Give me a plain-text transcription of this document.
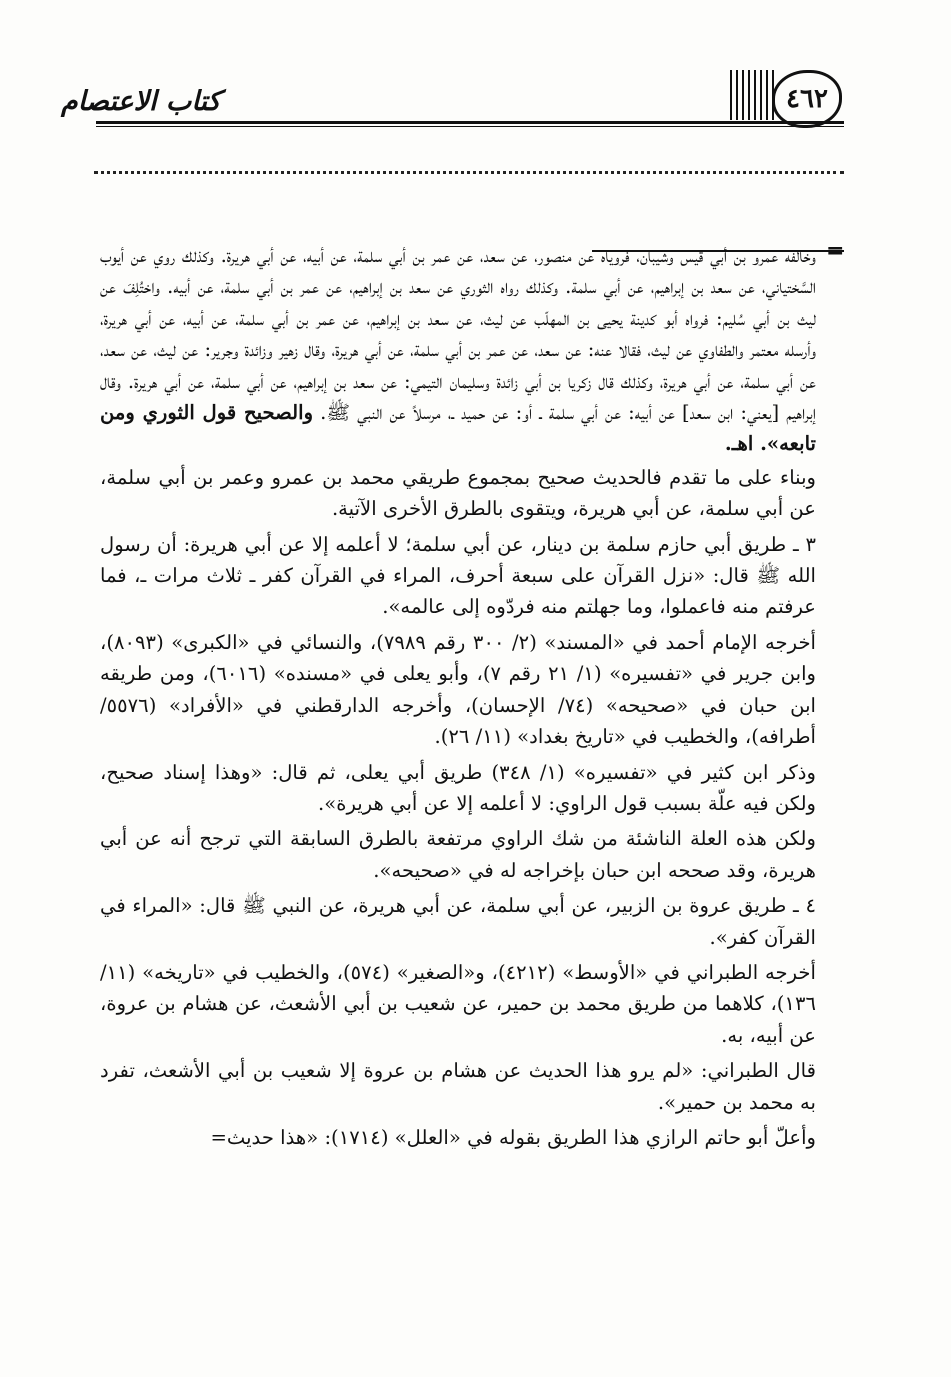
كتاب الاعتصام	٤٦٢
=

وخالفه عمرو بن أبي قيس وشيبان، فروياه عن منصور، عن سعد، عن عمر بن أبي سلمة، عن أبيه، عن أبي هريرة. وكذلك روي عن أيوب السَّختياني، عن سعد بن إبراهيم، عن أبي سلمة. وكذلك رواه الثوري عن سعد بن إبراهيم، عن عمر بن أبي سلمة، عن أبيه. واختُلِفَ عن ليث بن أبي سُليم: فرواه أبو كدينة يحيى بن المهلّب عن ليث، عن سعد بن إبراهيم، عن عمر بن أبي سلمة، عن أبيه، عن أبي هريرة، وأرسله معتمر والطفاوي عن ليث، فقالا عنه: عن سعد، عن عمر بن أبي سلمة، عن أبي هريرة، وقال زهير وزائدة وجرير: عن ليث، عن سعد، عن أبي سلمة، عن أبي هريرة، وكذلك قال زكريا بن أبي زائدة وسليمان التيمي: عن سعد بن إبراهيم، عن أبي سلمة، عن أبي هريرة. وقال إبراهيم [يعني: ابن سعد] عن أبيه: عن أبي سلمة ـ أو: عن حميد ـ، مرسلاً عن النبي ﷺ. والصحيح قول الثوري ومن تابعه». اهـ.

وبناء على ما تقدم فالحديث صحيح بمجموع طريقي محمد بن عمرو وعمر بن أبي سلمة، عن أبي سلمة، عن أبي هريرة، ويتقوى بالطرق الأخرى الآتية.

٣ ـ طريق أبي حازم سلمة بن دينار، عن أبي سلمة؛ لا أعلمه إلا عن أبي هريرة: أن رسول الله ﷺ قال: «نزل القرآن على سبعة أحرف، المراء في القرآن كفر ـ ثلاث مرات ـ، فما عرفتم منه فاعملوا، وما جهلتم منه فردّوه إلى عالمه».

أخرجه الإمام أحمد في «المسند» (٢/ ٣٠٠ رقم ٧٩٨٩)، والنسائي في «الكبرى» (٨٠٩٣)، وابن جرير في «تفسيره» (١/ ٢١ رقم ٧)، وأبو يعلى في «مسنده» (٦٠١٦)، ومن طريقه ابن حبان في «صحيحه» (٧٤/ الإحسان)، وأخرجه الدارقطني في «الأفراد» (٥٥٧٦/ أطرافه)، والخطيب في «تاريخ بغداد» (١١/ ٢٦).

وذكر ابن كثير في «تفسيره» (١/ ٣٤٨) طريق أبي يعلى، ثم قال: «وهذا إسناد صحيح، ولكن فيه علّة بسبب قول الراوي: لا أعلمه إلا عن أبي هريرة».

ولكن هذه العلة الناشئة من شك الراوي مرتفعة بالطرق السابقة التي ترجح أنه عن أبي هريرة، وقد صححه ابن حبان بإخراجه له في «صحيحه».

٤ ـ طريق عروة بن الزبير، عن أبي سلمة، عن أبي هريرة، عن النبي ﷺ قال: «المراء في القرآن كفر».

أخرجه الطبراني في «الأوسط» (٤٢١٢)، و«الصغير» (٥٧٤)، والخطيب في «تاريخه» (١١/ ١٣٦)، كلاهما من طريق محمد بن حمير، عن شعيب بن أبي الأشعث، عن هشام بن عروة، عن أبيه، به.

قال الطبراني: «لم يرو هذا الحديث عن هشام بن عروة إلا شعيب بن أبي الأشعث، تفرد به محمد بن حمير».

وأعلّ أبو حاتم الرازي هذا الطريق بقوله في «العلل» (١٧١٤): «هذا حديث=
